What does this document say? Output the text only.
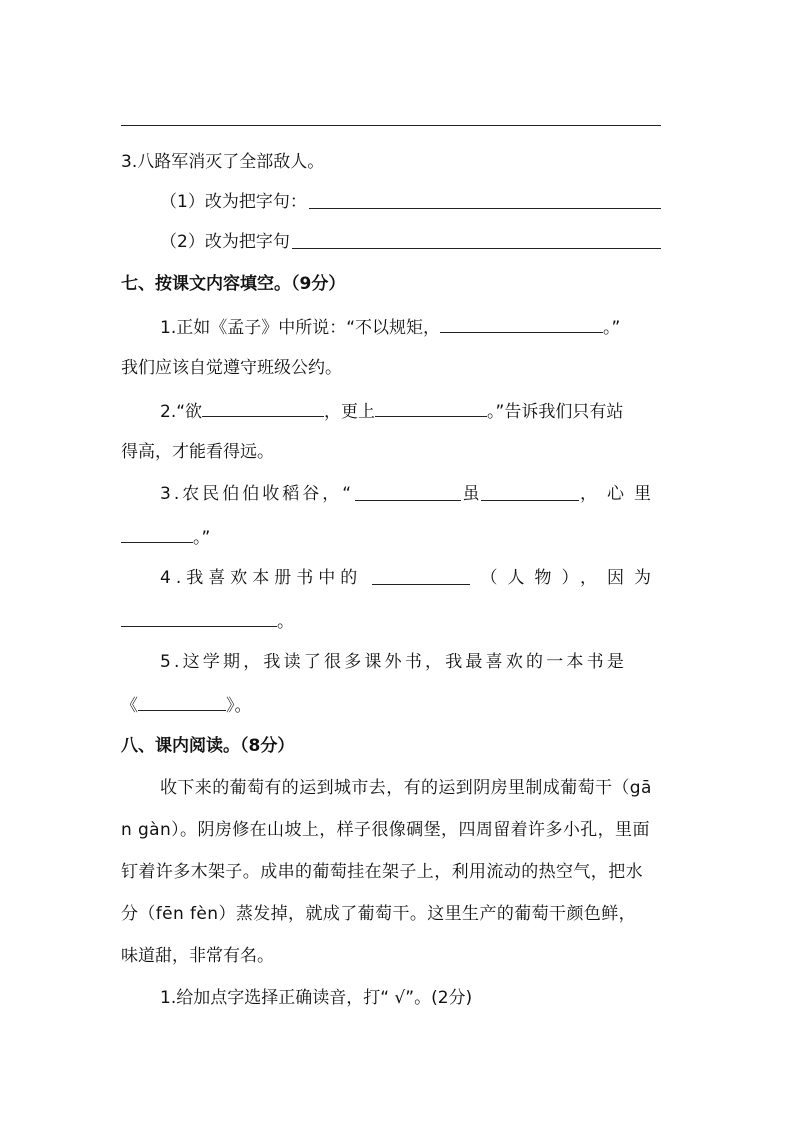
3.八路军消灭了全部敌人。
（1）改为把字句：
（2）改为把字句
七、按课文内容填空。（9分）
1.正如《孟子》中所说：“不以规矩，	。”
我们应该自觉遵守班级公约。
2.“欲	，更上	。”告诉我们只有站
得高，才能看得远。
3.农民伯伯收稻谷，“	虽	，心里
。”
4.我喜欢本册书中的	（人物），因为
。
5.这学期，我读了很多课外书，我最喜欢的一本书是
《	》。
八、课内阅读。（8分）
收下来的葡萄有的运到城市去，有的运到阴房里制成葡萄干（gā
n gàn）。阴房修在山坡上，样子很像碉堡，四周留着许多小孔，里面
钉着许多木架子。成串的葡萄挂在架子上，利用流动的热空气，把水
分（fēn fèn）蒸发掉，就成了葡萄干。这里生产的葡萄干颜色鲜，
味道甜，非常有名。
1.给加点字选择正确读音，打“ √”。(2分)
